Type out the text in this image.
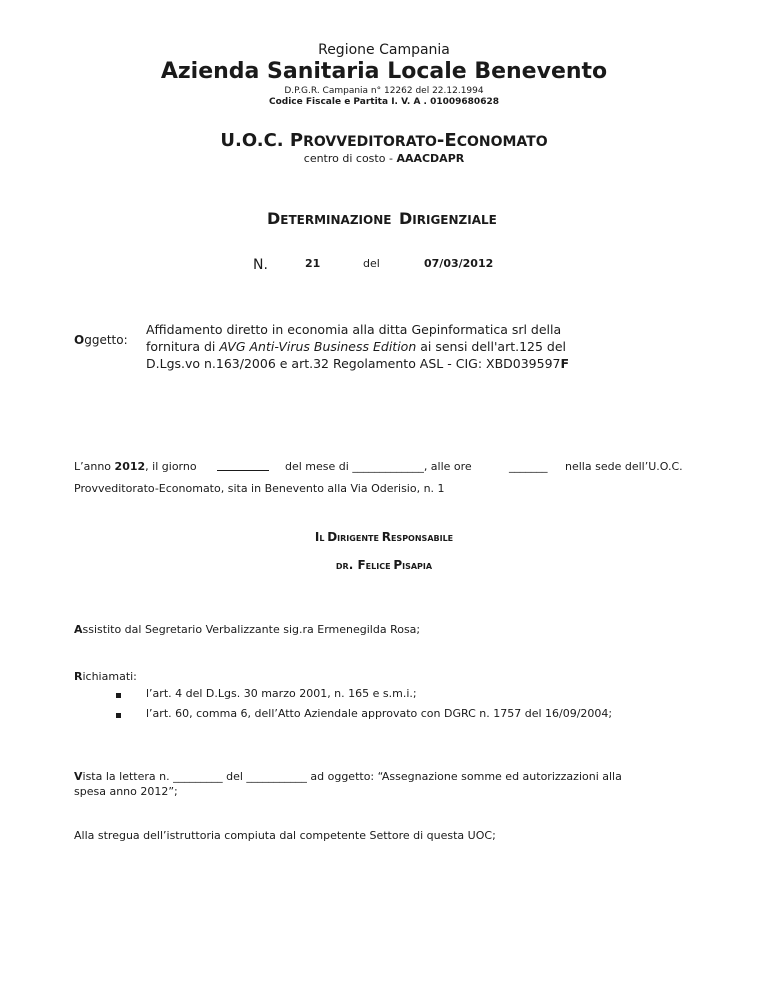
Regione Campania
Azienda Sanitaria Locale Benevento
D.P.G.R. Campania n° 12262 del 22.12.1994
Codice Fiscale e Partita I. V. A . 01009680628
U.O.C. PROVVEDITORATO-ECONOMATO
centro di costo - AAACDAPR
DETERMINAZIONE DIRIGENZIALE
N.	21	del	07/03/2012
Oggetto:
Affidamento diretto in economia alla ditta Gepinformatica srl della
fornitura di AVG Anti-Virus Business Edition ai sensi dell'art.125 del
D.Lgs.vo n.163/2006 e art.32 Regolamento ASL - CIG: XBD039597F
L’anno 2012, il giorno	del mese di _____________, alle ore	_______ nella sede dell’U.O.C.
Provveditorato-Economato, sita in Benevento alla Via Oderisio, n. 1
IL DIRIGENTE RESPONSABILE
DR. FELICE PISAPIA
Assistito dal Segretario Verbalizzante sig.ra Ermenegilda Rosa;
Richiamati:
l’art. 4 del D.Lgs. 30 marzo 2001, n. 165 e s.m.i.;
l’art. 60, comma 6, dell’Atto Aziendale approvato con DGRC n. 1757 del 16/09/2004;
Vista la lettera n. _________ del ___________ ad oggetto: “Assegnazione somme ed autorizzazioni alla
spesa anno 2012”;
Alla stregua dell’istruttoria compiuta dal competente Settore di questa UOC;
